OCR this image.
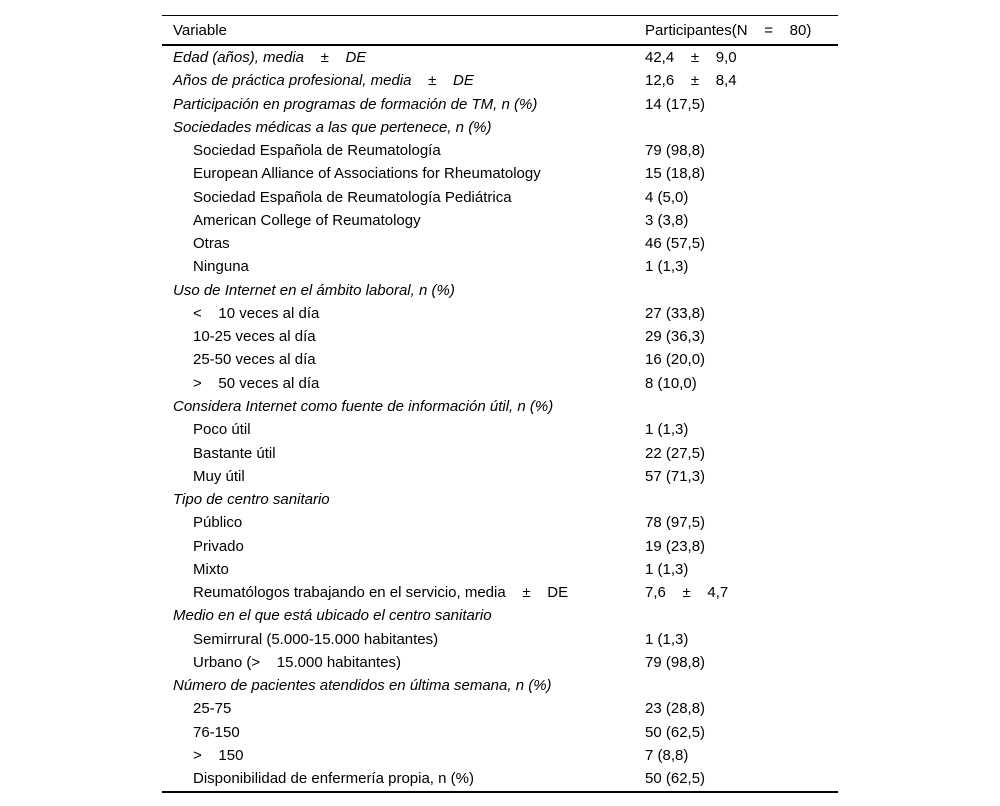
Variable	Participantes(N    =    80)
Edad (años), media    ±    DE	42,4    ±    9,0
Años de práctica profesional, media    ±    DE	12,6    ±    8,4
Participación en programas de formación de TM, n (%)	14 (17,5)
Sociedades médicas a las que pertenece, n (%)
Sociedad Española de Reumatología	79 (98,8)
European Alliance of Associations for Rheumatology	15 (18,8)
Sociedad Española de Reumatología Pediátrica	4 (5,0)
American College of Reumatology	3 (3,8)
Otras	46 (57,5)
Ninguna	1 (1,3)
Uso de Internet en el ámbito laboral, n (%)
<    10 veces al día	27 (33,8)
10-25 veces al día	29 (36,3)
25-50 veces al día	16 (20,0)
>    50 veces al día	8 (10,0)
Considera Internet como fuente de información útil, n (%)
Poco útil	1 (1,3)
Bastante útil	22 (27,5)
Muy útil	57 (71,3)
Tipo de centro sanitario
Público	78 (97,5)
Privado	19 (23,8)
Mixto	1 (1,3)
Reumatólogos trabajando en el servicio, media    ±    DE	7,6    ±    4,7
Medio en el que está ubicado el centro sanitario
Semirrural (5.000-15.000 habitantes)	1 (1,3)
Urbano (>    15.000 habitantes)	79 (98,8)
Número de pacientes atendidos en última semana, n (%)
25-75	23 (28,8)
76-150	50 (62,5)
>    150	7 (8,8)
Disponibilidad de enfermería propia, n (%)	50 (62,5)
